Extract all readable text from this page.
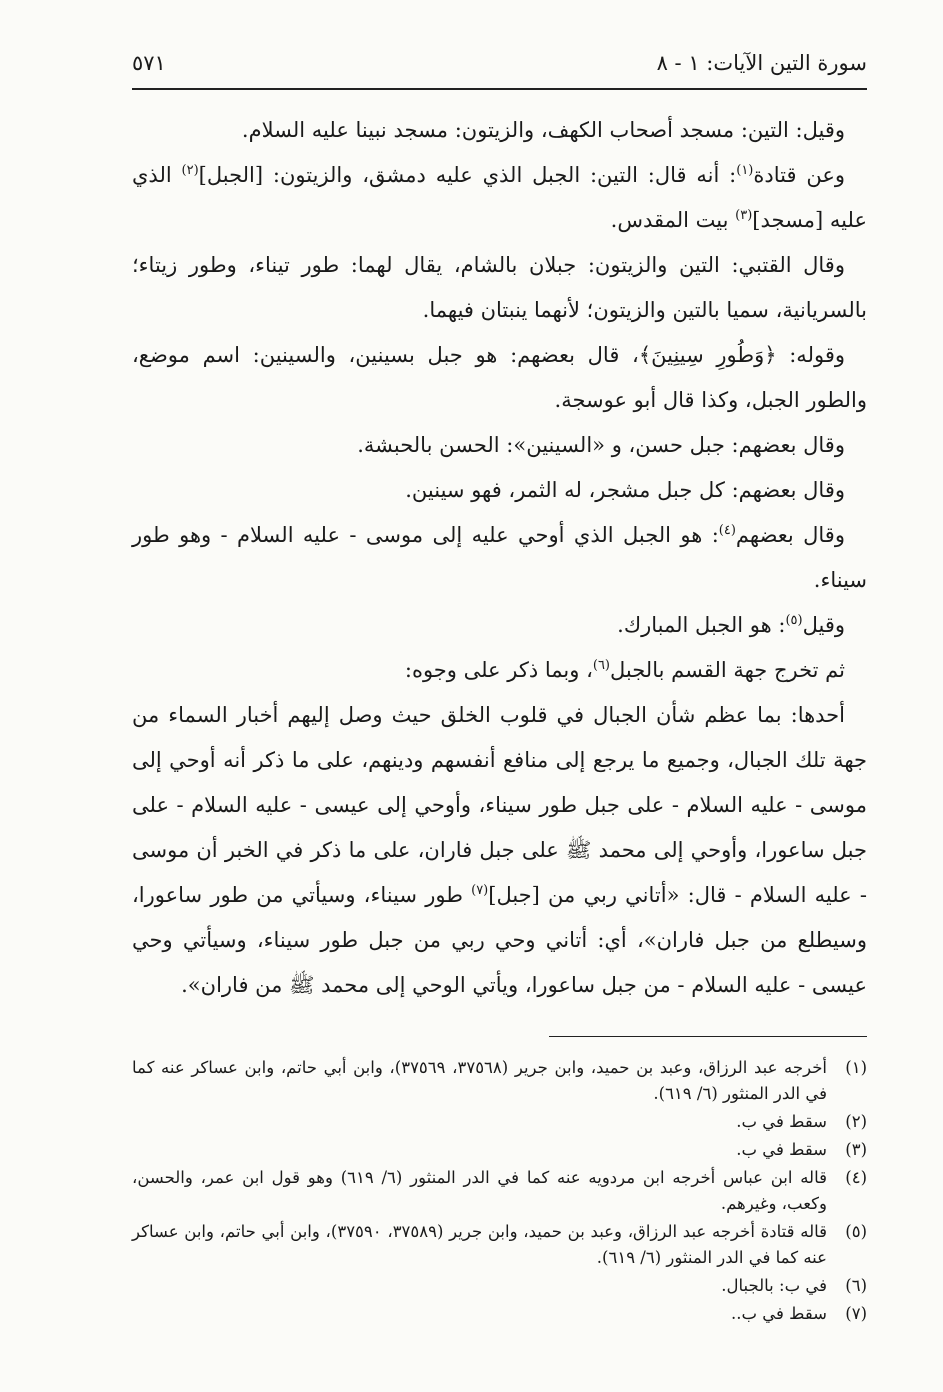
سورة التين الآيات: ١ - ٨
٥٧١

وقيل: التين: مسجد أصحاب الكهف، والزيتون: مسجد نبينا عليه السلام.

وعن قتادة$^{(١)}$: أنه قال: التين: الجبل الذي عليه دمشق، والزيتون: [الجبل]$^{(٢)}$ الذي عليه [مسجد]$^{(٣)}$ بيت المقدس.

وقال القتبي: التين والزيتون: جبلان بالشام، يقال لهما: طور تيناء، وطور زيتاء؛ بالسريانية، سميا بالتين والزيتون؛ لأنهما ينبتان فيهما.

وقوله: ﴿وَطُورِ سِينِينَ﴾، قال بعضهم: هو جبل بسينين، والسينين: اسم موضع، والطور الجبل، وكذا قال أبو عوسجة.

وقال بعضهم: جبل حسن، و «السينين»: الحسن بالحبشة.

وقال بعضهم: كل جبل مشجر، له الثمر، فهو سينين.

وقال بعضهم$^{(٤)}$: هو الجبل الذي أوحي عليه إلى موسى - عليه السلام - وهو طور سيناء.

وقيل$^{(٥)}$: هو الجبل المبارك.

ثم تخرج جهة القسم بالجبل$^{(٦)}$، وبما ذكر على وجوه:

أحدها: بما عظم شأن الجبال في قلوب الخلق حيث وصل إليهم أخبار السماء من جهة تلك الجبال، وجميع ما يرجع إلى منافع أنفسهم ودينهم، على ما ذكر أنه أوحي إلى موسى - عليه السلام - على جبل طور سيناء، وأوحي إلى عيسى - عليه السلام - على جبل ساعورا، وأوحي إلى محمد ﷺ على جبل فاران، على ما ذكر في الخبر أن موسى - عليه السلام - قال: «أتاني ربي من [جبل]$^{(٧)}$ طور سيناء، وسيأتي من طور ساعورا، وسيطلع من جبل فاران»، أي: أتاني وحي ربي من جبل طور سيناء، وسيأتي وحي عيسى - عليه السلام - من جبل ساعورا، ويأتي الوحي إلى محمد ﷺ من فاران».

(١)
أخرجه عبد الرزاق، وعبد بن حميد، وابن جرير (٣٧٥٦٨، ٣٧٥٦٩)، وابن أبي حاتم، وابن عساكر عنه كما في الدر المنثور (٦/ ٦١٩).
(٢)
سقط في ب.
(٣)
سقط في ب.
(٤)
قاله ابن عباس أخرجه ابن مردويه عنه كما في الدر المنثور (٦/ ٦١٩) وهو قول ابن عمر، والحسن، وكعب، وغيرهم.
(٥)
قاله قتادة أخرجه عبد الرزاق، وعبد بن حميد، وابن جرير (٣٧٥٨٩، ٣٧٥٩٠)، وابن أبي حاتم، وابن عساكر عنه كما في الدر المنثور (٦/ ٦١٩).
(٦)
في ب: بالجبال.
(٧)
سقط في ب..
